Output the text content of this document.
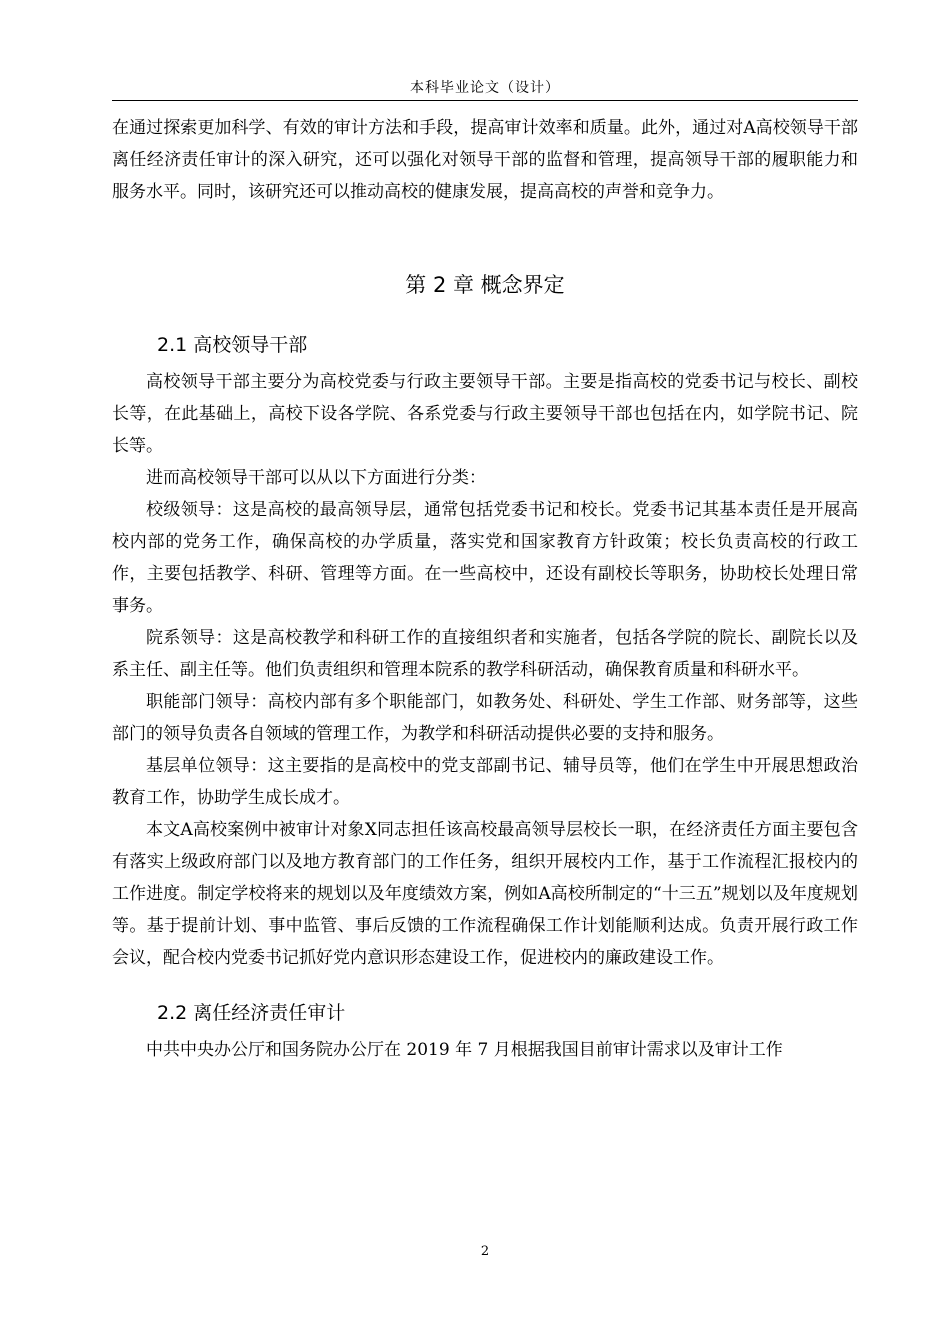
本科毕业论文（设计）

在通过探索更加科学、有效的审计方法和手段，提高审计效率和质量。此外，通过对A高校领导干部离任经济责任审计的深入研究，还可以强化对领导干部的监督和管理，提高领导干部的履职能力和服务水平。同时，该研究还可以推动高校的健康发展，提高高校的声誉和竞争力。

第 2 章 概念界定
2.1 高校领导干部

高校领导干部主要分为高校党委与行政主要领导干部。主要是指高校的党委书记与校长、副校长等，在此基础上，高校下设各学院、各系党委与行政主要领导干部也包括在内，如学院书记、院长等。

进而高校领导干部可以从以下方面进行分类：

校级领导：这是高校的最高领导层，通常包括党委书记和校长。党委书记其基本责任是开展高校内部的党务工作，确保高校的办学质量，落实党和国家教育方针政策；校长负责高校的行政工作，主要包括教学、科研、管理等方面。在一些高校中，还设有副校长等职务，协助校长处理日常事务。

院系领导：这是高校教学和科研工作的直接组织者和实施者，包括各学院的院长、副院长以及系主任、副主任等。他们负责组织和管理本院系的教学科研活动，确保教育质量和科研水平。

职能部门领导：高校内部有多个职能部门，如教务处、科研处、学生工作部、财务部等，这些部门的领导负责各自领域的管理工作，为教学和科研活动提供必要的支持和服务。

基层单位领导：这主要指的是高校中的党支部副书记、辅导员等，他们在学生中开展思想政治教育工作，协助学生成长成才。

本文A高校案例中被审计对象X同志担任该高校最高领导层校长一职，在经济责任方面主要包含有落实上级政府部门以及地方教育部门的工作任务，组织开展校内工作，基于工作流程汇报校内的工作进度。制定学校将来的规划以及年度绩效方案，例如A高校所制定的“十三五”规划以及年度规划等。基于提前计划、事中监管、事后反馈的工作流程确保工作计划能顺利达成。负责开展行政工作会议，配合校内党委书记抓好党内意识形态建设工作，促进校内的廉政建设工作。

2.2 离任经济责任审计

中共中央办公厅和国务院办公厅在 2019 年 7 月根据我国目前审计需求以及审计工作

2
